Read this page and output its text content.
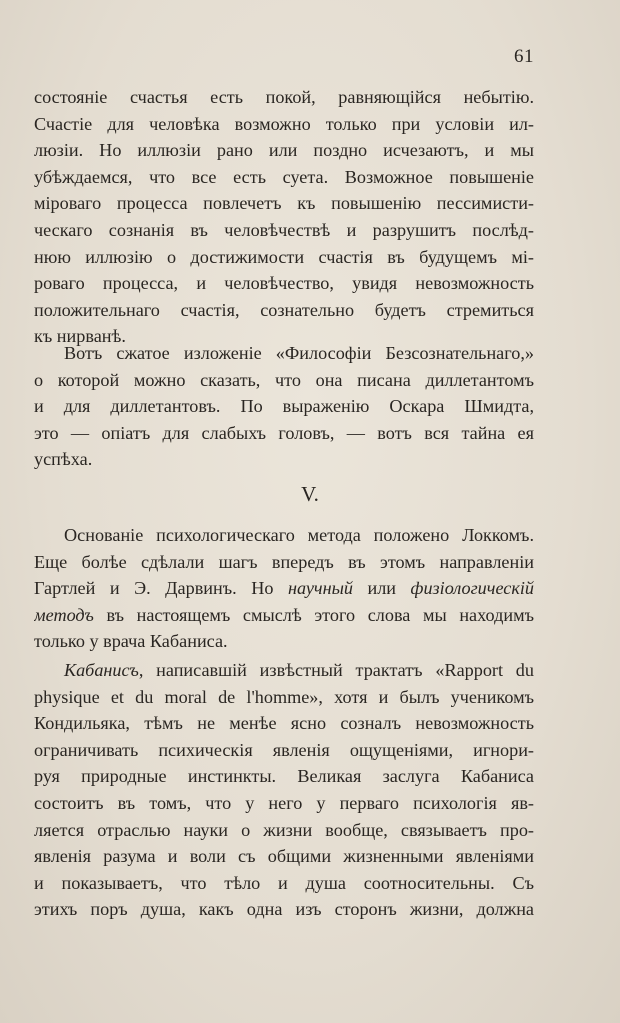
61
состоянiе счастья есть покой, равняющiйся небытiю.
Счастiе для человѣка возможно только при условiи ил-
люзiи. Но иллюзiи рано или поздно исчезаютъ, и мы
убѣждаемся, что все есть суета. Возможное повышенiе
мiроваго процесса повлечетъ къ повышенiю пессимисти-
ческаго сознанiя въ человѣчествѣ и разрушитъ послѣд-
нюю иллюзiю о достижимости счастiя въ будущемъ мi-
роваго процесса, и человѣчество, увидя невозможность
положительнаго счастiя, сознательно будетъ стремиться
къ нирванѣ.
Вотъ сжатое изложенiе «Философiи Безсознательнаго,»
о которой можно сказать, что она писана диллетантомъ
и для диллетантовъ. По выраженiю Оскара Шмидта,
это — опiатъ для слабыхъ головъ, — вотъ вся тайна ея
успѣха.
V.
Основанiе психологическаго метода положено Локкомъ.
Еще болѣе сдѣлали шагъ впередъ въ этомъ направленiи
Гартлей и Э. Дарвинъ. Но научный или физiологическiй
методъ въ настоящемъ смыслѣ этого слова мы находимъ
только у врача Кабаниса.
Кабанисъ, написавшiй извѣстный трактатъ «Rapport du
physique et du moral de l'homme», хотя и былъ ученикомъ
Кондильяка, тѣмъ не менѣе ясно созналъ невозможность
ограничивать психическiя явленiя ощущенiями, игнори-
руя природные инстинкты. Великая заслуга Кабаниса
состоитъ въ томъ, что у него у перваго психологiя яв-
ляется отраслью науки о жизни вообще, связываетъ про-
явленiя разума и воли съ общими жизненными явленiями
и показываетъ, что тѣло и душа соотносительны. Съ
этихъ поръ душа, какъ одна изъ сторонъ жизни, должна
